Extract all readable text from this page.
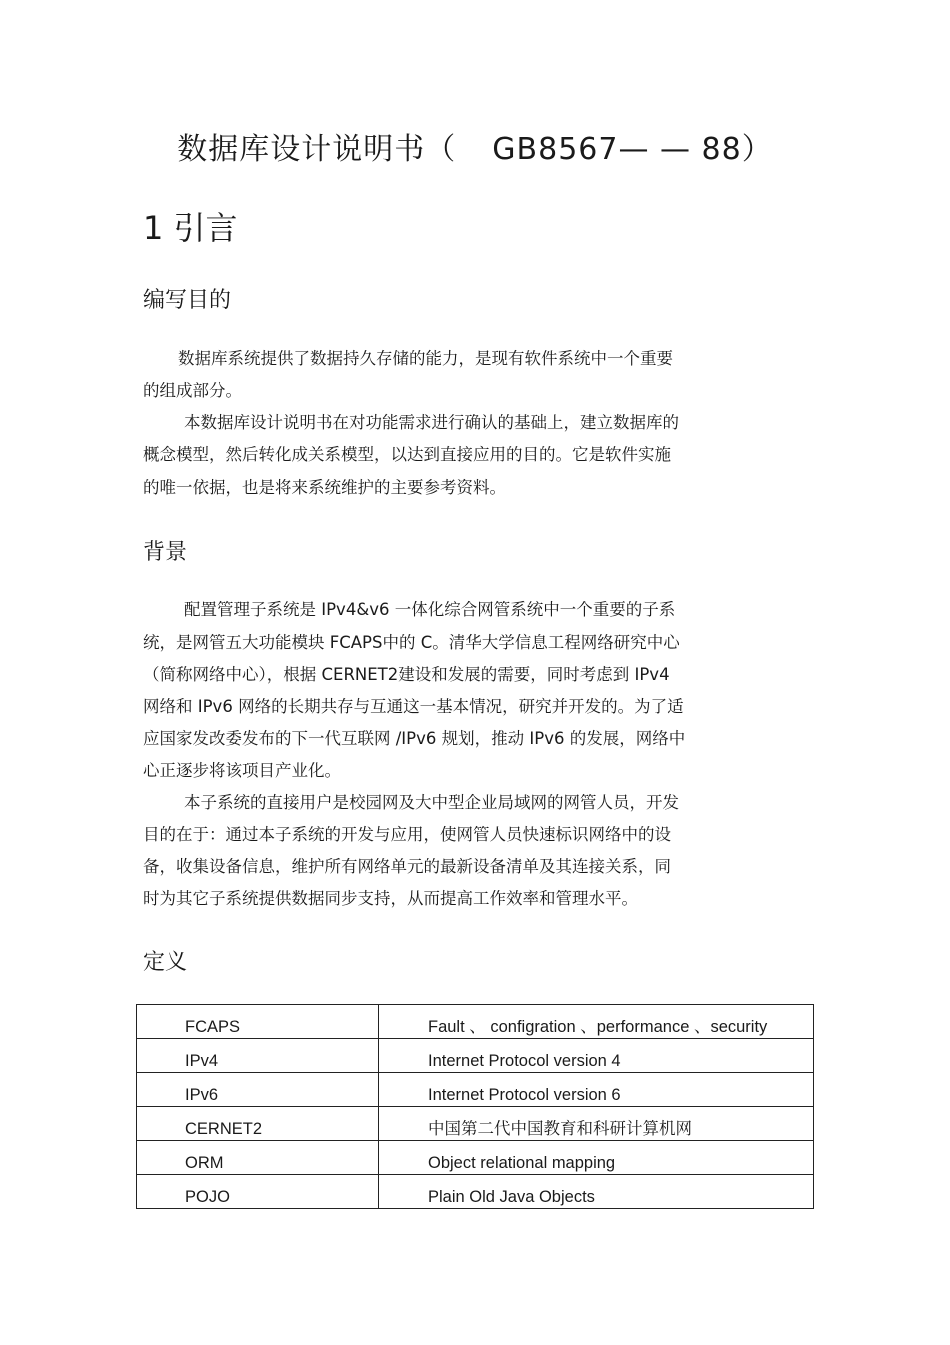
数据库设计说明书（ GB8567— — 88）
1 引言
编写目的
数据库系统提供了数据持久存储的能力，是现有软件系统中一个重要
的组成部分。
本数据库设计说明书在对功能需求进行确认的基础上，建立数据库的
概念模型，然后转化成关系模型，以达到直接应用的目的。它是软件实施
的唯一依据，也是将来系统维护的主要参考资料。
背景
配置管理子系统是 IPv4&v6 一体化综合网管系统中一个重要的子系
统，是网管五大功能模块 FCAPS中的 C。清华大学信息工程网络研究中心
（简称网络中心），根据 CERNET2建设和发展的需要，同时考虑到 IPv4
网络和 IPv6 网络的长期共存与互通这一基本情况，研究并开发的。为了适
应国家发改委发布的下一代互联网 /IPv6 规划，推动 IPv6 的发展，网络中
心正逐步将该项目产业化。
本子系统的直接用户是校园网及大中型企业局域网的网管人员，开发
目的在于：通过本子系统的开发与应用，使网管人员快速标识网络中的设
备，收集设备信息，维护所有网络单元的最新设备清单及其连接关系，同
时为其它子系统提供数据同步支持，从而提高工作效率和管理水平。
定义
FCAPS	Fault 、 configration 、performance 、security
IPv4	Internet Protocol version 4
IPv6	Internet Protocol version 6
CERNET2	中国第二代中国教育和科研计算机网
ORM	Object relational mapping
POJO	Plain Old Java Objects
